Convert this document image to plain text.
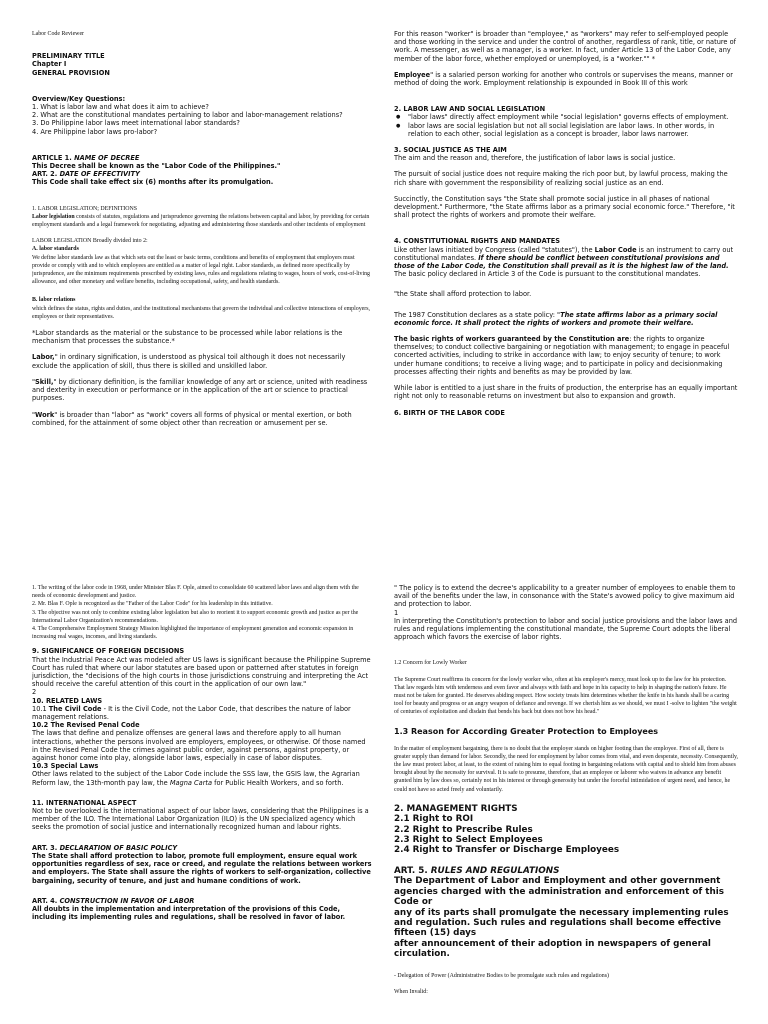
Labor Code Reviewer

PRELIMINARY TITLE

Chapter I

GENERAL PROVISION

Overview/Key Questions:

1. What is labor law and what does it aim to achieve?

2. What are the constitutional mandates pertaining to labor and labor-management relations?

3. Do Philippine labor laws meet international labor standards?

4. Are Philippine labor laws pro-labor?

ARTICLE 1. NAME OF DECREE

This Decree shall be known as the "Labor Code of the Philippines."

ART. 2. DATE OF EFFECTIVITY

This Code shall take effect six (6) months after its promulgation.

1. LABOR LEGISLATION; DEFINITIONS

Labor legislation consists of statutes, regulations and jurisprudence governing the relations between capital and labor, by providing for certain employment standards and a legal framework for negotiating, adjusting and administering those standards and other incidents of employment

LABOR LEGISLATION Broadly divided into 2:

A. labor standards

We define labor standards law as that which sets out the least or basic terms, conditions and benefits of employment that employers must provide or comply with and to which employees are entitled as a matter of legal right. Labor standards, as defined more specifically by jurisprudence, are the minimum requirements prescribed by existing laws, rules and regulations relating to wages, hours of work, cost-of-living allowance, and other monetary and welfare benefits, including occupational, safety, and health standards.

B. labor relations

which defines the status, rights and duties, and the institutional mechanisms that govern the individual and collective interactions of employers, employees or their representatives.

*Labor standards as the material or the substance to be processed while labor relations is the mechanism that processes the substance.*

Labor," in ordinary signification, is understood as physical toil although it does not necessarily exclude the application of skill, thus there is skilled and unskilled labor.

"Skill," by dictionary definition, is the familiar knowledge of any art or science, united with readiness and dexterity in execution or performance or in the application of the art or science to practical purposes.

"Work" is broader than "labor" as "work" covers all forms of physical or mental exertion, or both combined, for the attainment of some object other than recreation or amusement per se.

For this reason "worker" is broader than "employee," as "workers" may refer to self-employed people and those working in the service and under the control of another, regardless of rank, title, or nature of work. A messenger, as well as a manager, is a worker. In fact, under Article 13 of the Labor Code, any member of the labor force, whether employed or unemployed, is a "worker."" *

Employee" is a salaried person working for another who controls or supervises the means, manner or method of doing the work. Employment relationship is expounded in Book III of this work

2. LABOR LAW AND SOCIAL LEGISLATION

● "labor laws" directly affect employment while "social legislation" governs effects of employment.
● labor laws are social legislation but not all social legislation are labor laws. In other words, in relation to each other, social legislation as a concept is broader, labor laws narrower.

3. SOCIAL JUSTICE AS THE AIM

The aim and the reason and, therefore, the justification of labor laws is social justice.

The pursuit of social justice does not require making the rich poor but, by lawful process, making the rich share with government the responsibility of realizing social justice as an end.

Succinctly, the Constitution says "the State shall promote social justice in all phases of national development." Furthermore, "the State affirms labor as a primary social economic force." Therefore, "it shall protect the rights of workers and promote their welfare.

4. CONSTITUTIONAL RIGHTS AND MANDATES

Like other laws initiated by Congress (called "statutes"), the Labor Code is an instrument to carry out constitutional mandates. If there should be conflict between constitutional provisions and those of the Labor Code, the Constitution shall prevail as it is the highest law of the land. The basic policy declared in Article 3 of the Code is pursuant to the constitutional mandates.

"the State shall afford protection to labor.

The 1987 Constitution declares as a state policy: "The state affirms labor as a primary social economic force. It shall protect the rights of workers and promote their welfare.

The basic rights of workers guaranteed by the Constitution are: the rights to organize themselves; to conduct collective bargaining or negotiation with management; to engage in peaceful concerted activities, including to strike in accordance with law; to enjoy security of tenure; to work under humane conditions; to receive a living wage; and to participate in policy and decisionmaking processes affecting their rights and benefits as may be provided by law.

While labor is entitled to a just share in the fruits of production, the enterprise has an equally important right not only to reasonable returns on investment but also to expansion and growth.

6. BIRTH OF THE LABOR CODE

1. The writing of the labor code in 1968, under Minister Blas F. Ople, aimed to consolidate 60 scattered labor laws and align them with the needs of economic development and justice.

2. Mr. Blas F. Ople is recognized as the "Father of the Labor Code" for his leadership in this initiative.

3. The objective was not only to combine existing labor legislation but also to reorient it to support economic growth and justice as per the International Labor Organization's recommendations.

4. The Comprehensive Employment Strategy Mission highlighted the importance of employment generation and economic expansion in increasing real wages, incomes, and living standards.

9. SIGNIFICANCE OF FOREIGN DECISIONS

That the Industrial Peace Act was modeled after US laws is significant because the Philippine Supreme Court has ruled that where our labor statutes are based upon or patterned after statutes in foreign jurisdiction, the "decisions of the high courts in those jurisdictions construing and interpreting the Act should receive the careful attention of this court in the application of our own law."

2

10. RELATED LAWS

10.1 The Civil Code - It is the Civil Code, not the Labor Code, that describes the nature of labor

management relations.

10.2 The Revised Penal Code

The laws that define and penalize offenses are general laws and therefore apply to all human interactions, whether the persons involved are employers, employees, or otherwise. Of those named in the Revised Penal Code the crimes against public order, against persons, against property, or against honor come into play, alongside labor laws, especially in case of labor disputes.

10.3 Special Laws

Other laws related to the subject of the Labor Code include the SSS law, the GSIS law, the Agrarian Reform law, the 13th-month pay law, the Magna Carta for Public Health Workers, and so forth.

11. INTERNATIONAL ASPECT

Not to be overlooked is the international aspect of our labor laws, considering that the Philippines is a member of the ILO. The International Labor Organization (ILO) is the UN specialized agency which seeks the promotion of social justice and internationally recognized human and labour rights.

ART. 3. DECLARATION OF BASIC POLICY

The State shall afford protection to labor, promote full employment, ensure equal work opportunities regardless of sex, race or creed, and regulate the relations between workers and employers. The State shall assure the rights of workers to self-organization, collective bargaining, security of tenure, and just and humane conditions of work.

ART. 4. CONSTRUCTION IN FAVOR OF LABOR

All doubts in the implementation and interpretation of the provisions of this Code, including its implementing rules and regulations, shall be resolved in favor of labor.

" The policy is to extend the decree's applicability to a greater number of employees to enable them to avail of the benefits under the law, in consonance with the State's avowed policy to give maximum aid and protection to labor.

1

In interpreting the Constitution's protection to labor and social justice provisions and the labor laws and rules and regulations implementing the constitutional mandate, the Supreme Court adopts the liberal approach which favors the exercise of labor rights.

1.2 Concern for Lowly Worker

The Supreme Court reaffirms its concern for the lowly worker who, often at his employer's mercy, must look up to the law for his protection. That law regards him with tenderness and even favor and always with faith and hope in his capacity to help in shaping the nation's future. He must not be taken for granted. He deserves abiding respect. How society treats him determines whether the knife in his hands shall be a caring tool for beauty and progress or an angry weapon of defiance and revenge. If we cherish him as we should, we must I -solve to lighten "the weight of centuries of exploitation and disdain that bends his back but does not bow his head."

1.3 Reason for According Greater Protection to Employees

In the matter of employment bargaining, there is no doubt that the employer stands on higher footing than the employee. First of all, there is greater supply than demand for labor. Secondly, the need for employment by labor comes from vital, and even desperate, necessity. Consequently, the law must protect labor, at least, to the extent of raising him to equal footing in bargaining relations with capital and to shield him from abuses brought about by the necessity for survival. It is safe to presume, therefore, that an employee or laborer who waives in advance any benefit granted him by law does so, certainly not in his interest or through generosity but under the forceful intimidation of urgent need, and hence, he could not have so acted freely and voluntarily.

2. MANAGEMENT RIGHTS

2.1 Right to ROI

2.2 Right to Prescribe Rules

2.3 Right to Select Employees

2.4 Right to Transfer or Discharge Employees

ART. 5. RULES AND REGULATIONS

The Department of Labor and Employment and other government agencies charged with the administration and enforcement of this Code or

any of its parts shall promulgate the necessary implementing rules and regulation. Such rules and regulations shall become effective fifteen (15) days

after announcement of their adoption in newspapers of general circulation.

- Delegation of Power (Administrative Bodies to be promulgate such rules and regulations)

When Invalid:
